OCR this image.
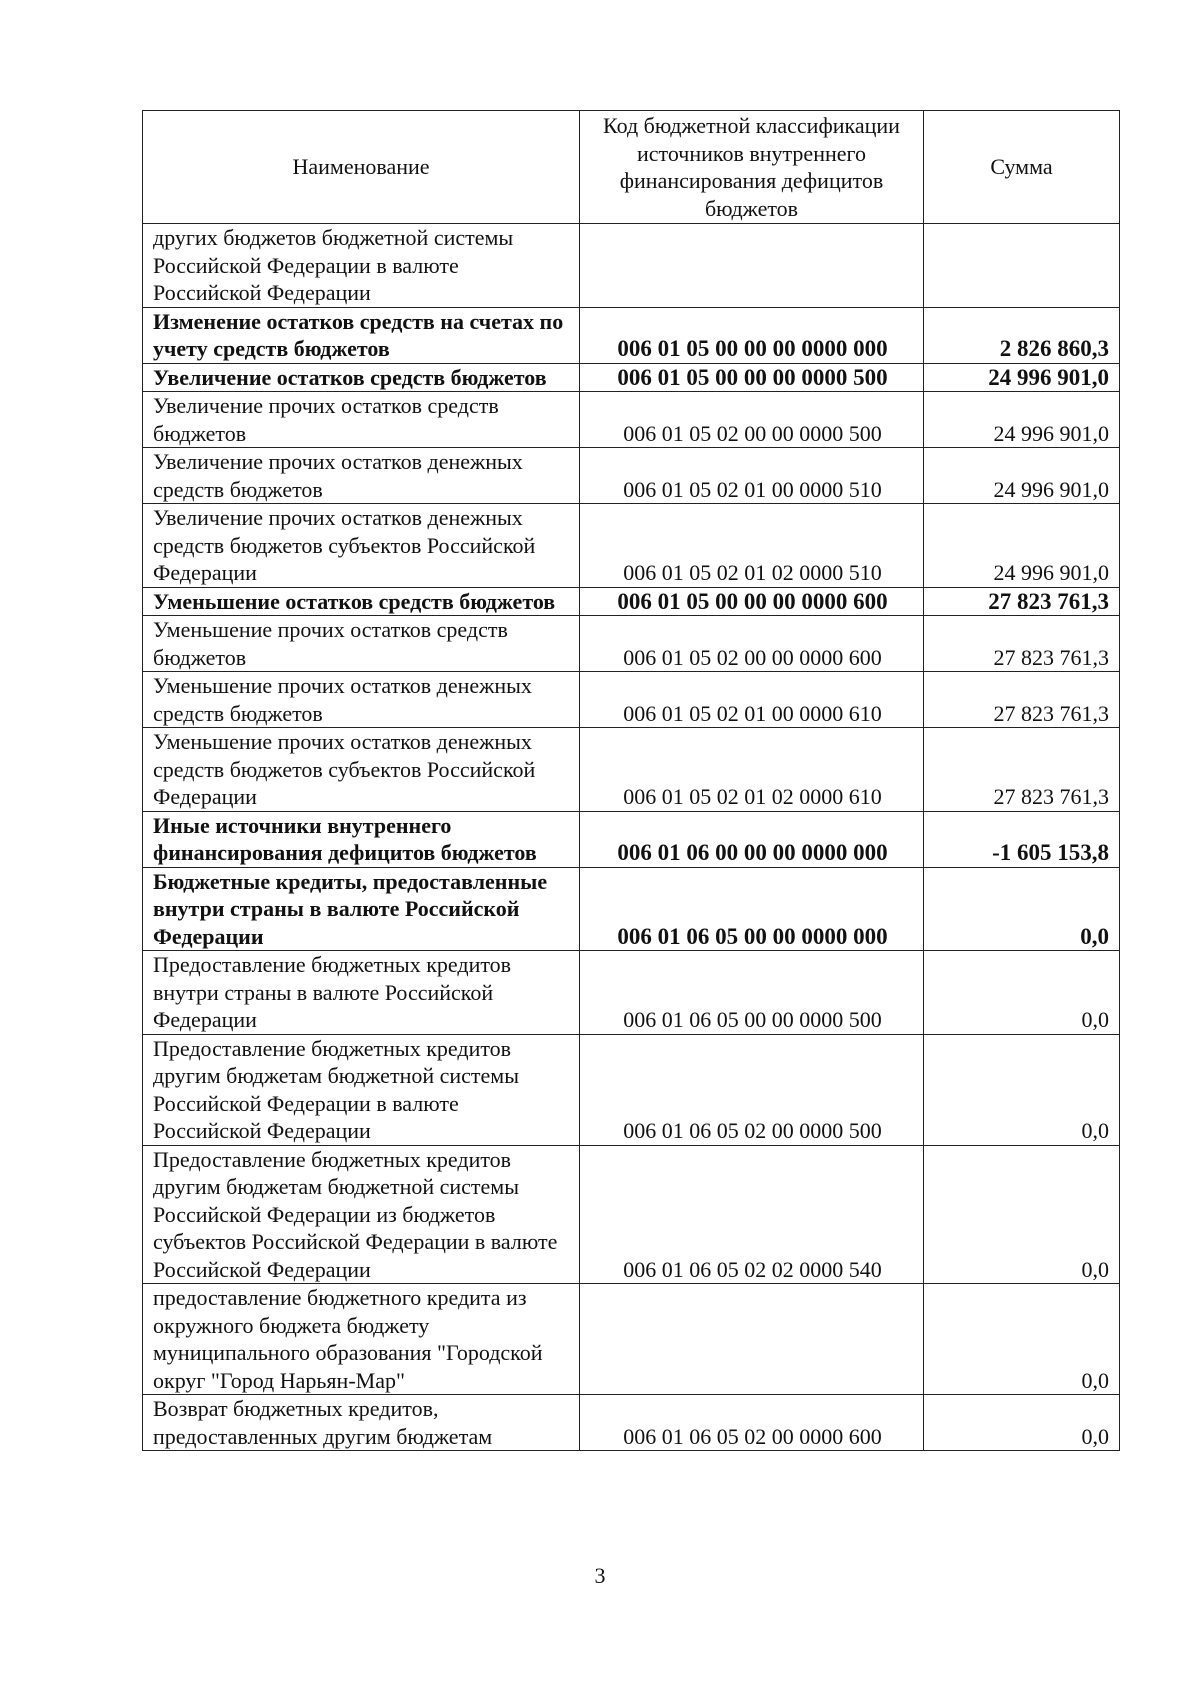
Наименование	Код бюджетной классификации источников внутреннего финансирования дефицитов бюджетов	Сумма
других бюджетов бюджетной системы Российской Федерации в валюте Российской Федерации		
Изменение остатков средств на счетах по учету средств бюджетов	006 01 05 00 00 00 0000 000	2 826 860,3
Увеличение остатков средств бюджетов	006 01 05 00 00 00 0000 500	24 996 901,0
Увеличение прочих остатков средств бюджетов	006 01 05 02 00 00 0000 500	24 996 901,0
Увеличение прочих остатков денежных средств бюджетов	006 01 05 02 01 00 0000 510	24 996 901,0
Увеличение прочих остатков денежных средств бюджетов субъектов Российской Федерации	006 01 05 02 01 02 0000 510	24 996 901,0
Уменьшение остатков средств бюджетов	006 01 05 00 00 00 0000 600	27 823 761,3
Уменьшение прочих остатков средств бюджетов	006 01 05 02 00 00 0000 600	27 823 761,3
Уменьшение прочих остатков денежных средств бюджетов	006 01 05 02 01 00 0000 610	27 823 761,3
Уменьшение прочих остатков денежных средств бюджетов субъектов Российской Федерации	006 01 05 02 01 02 0000 610	27 823 761,3
Иные источники внутреннего финансирования дефицитов бюджетов	006 01 06 00 00 00 0000 000	-1 605 153,8
Бюджетные кредиты, предоставленные внутри страны в валюте Российской Федерации	006 01 06 05 00 00 0000 000	0,0
Предоставление бюджетных кредитов внутри страны в валюте Российской Федерации	006 01 06 05 00 00 0000 500	0,0
Предоставление бюджетных кредитов другим бюджетам бюджетной системы Российской Федерации в валюте Российской Федерации	006 01 06 05 02 00 0000 500	0,0
Предоставление бюджетных кредитов другим бюджетам бюджетной системы Российской Федерации из бюджетов субъектов Российской Федерации в валюте Российской Федерации	006 01 06 05 02 02 0000 540	0,0
предоставление бюджетного кредита из окружного бюджета бюджету муниципального образования "Городской округ "Город Нарьян-Мар"		0,0
Возврат бюджетных кредитов, предоставленных другим бюджетам	006 01 06 05 02 00 0000 600	0,0
3
